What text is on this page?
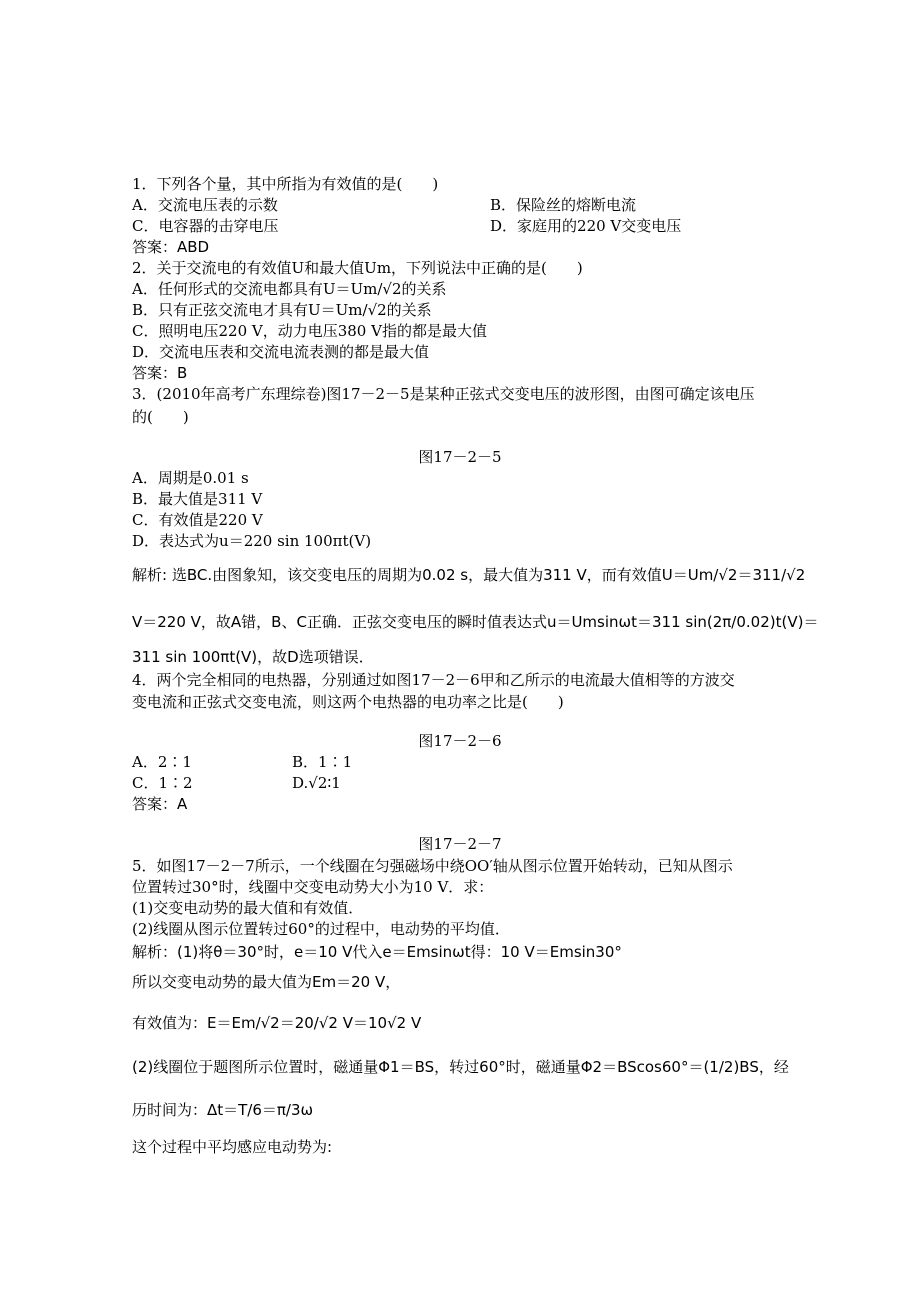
1．下列各个量，其中所指为有效值的是(　　)
A．交流电压表的示数	B．保险丝的熔断电流
C．电容器的击穿电压	D．家庭用的220 V交变电压
答案：ABD
2．关于交流电的有效值U和最大值Um，下列说法中正确的是(　　)
A．任何形式的交流电都具有U＝Um/√2的关系
B．只有正弦交流电才具有U＝Um/√2的关系
C．照明电压220 V，动力电压380 V指的都是最大值
D．交流电压表和交流电流表测的都是最大值
答案：B
3．(2010年高考广东理综卷)图17－2－5是某种正弦式交变电压的波形图，由图可确定该电压
的(　　)
图17－2－5
A．周期是0.01 s
B．最大值是311 V
C．有效值是220 V
D．表达式为u＝220 sin 100πt(V)
解析: 选BC.由图象知，该交变电压的周期为0.02 s，最大值为311 V，而有效值U＝Um/√2＝311/√2
V＝220 V，故A错，B、C正确．正弦交变电压的瞬时值表达式u＝Umsinωt＝311 sin(2π/0.02)t(V)＝
311 sin 100πt(V)，故D选项错误．
4．两个完全相同的电热器，分别通过如图17－2－6甲和乙所示的电流最大值相等的方波交
变电流和正弦式交变电流，则这两个电热器的电功率之比是(　　)
图17－2－6
A．2∶1	B．1∶1
C．1∶2	D.√2∶1
答案：A
图17－2－7
5．如图17－2－7所示，一个线圈在匀强磁场中绕OO′轴从图示位置开始转动，已知从图示
位置转过30°时，线圈中交变电动势大小为10 V．求：
(1)交变电动势的最大值和有效值．
(2)线圈从图示位置转过60°的过程中，电动势的平均值．
解析：(1)将θ＝30°时，e＝10 V代入e＝Emsinωt得：10 V＝Emsin30°
所以交变电动势的最大值为Em＝20 V，
有效值为：E＝Em/√2＝20/√2 V＝10√2 V
(2)线圈位于题图所示位置时，磁通量Φ1＝BS，转过60°时，磁通量Φ2＝BScos60°＝(1/2)BS，经
历时间为：Δt＝T/6＝π/3ω
这个过程中平均感应电动势为:
